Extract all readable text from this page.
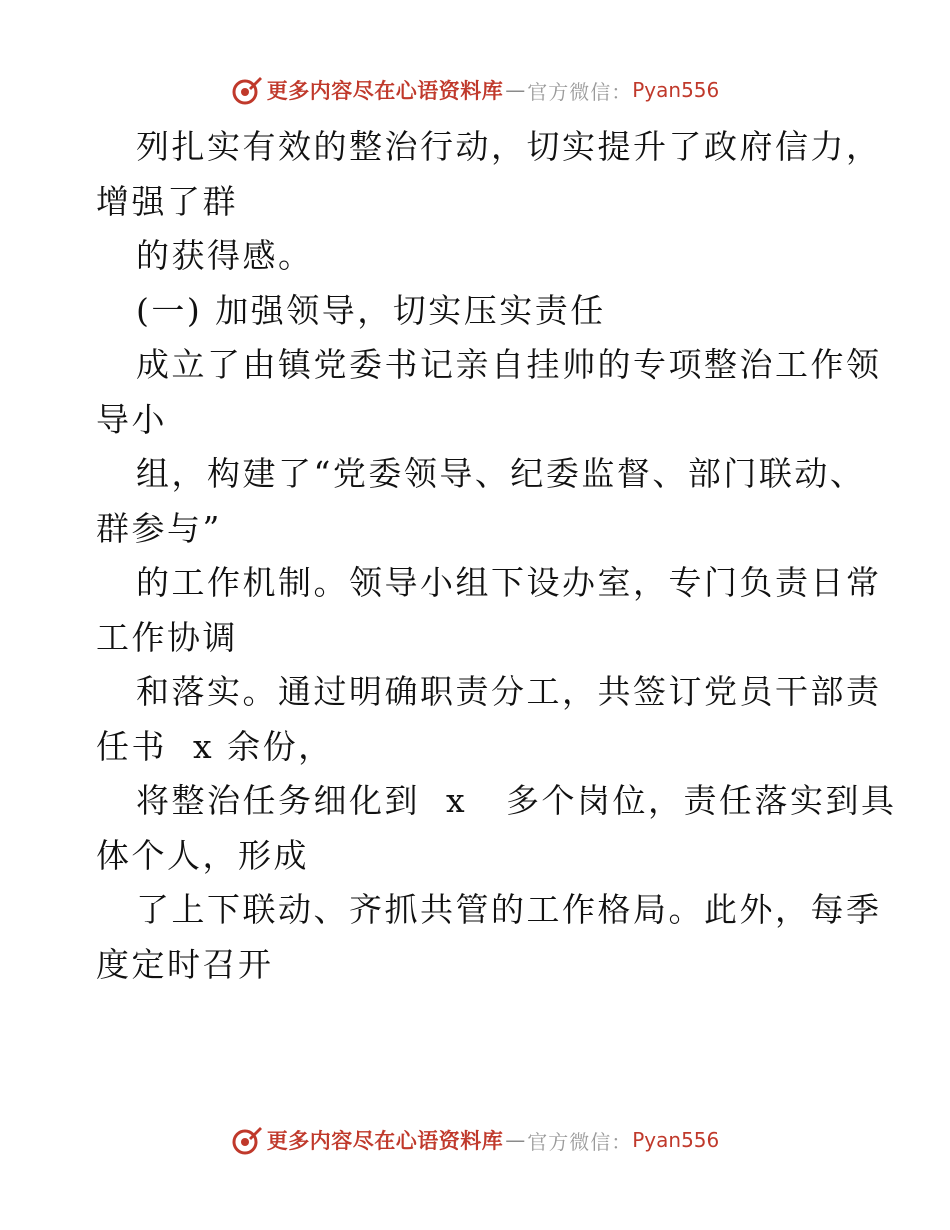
更多内容尽在心语资料库 — 官方微信： Pyan556
列扎实有效的整治行动，切实提升了政府信力，
增强了群
的获得感。
(一) 加强领导，切实压实责任
成立了由镇党委书记亲自挂帅的专项整治工作领
导小
组，构建了“党委领导、纪委监督、部门联动、
群参与”
的工作机制。领导小组下设办室，专门负责日常
工作协调
和落实。通过明确职责分工，共签订党员干部责
任书  x 余份，
将整治任务细化到  x   多个岗位，责任落实到具
体个人，形成
了上下联动、齐抓共管的工作格局。此外，每季
度定时召开
更多内容尽在心语资料库 — 官方微信： Pyan556
